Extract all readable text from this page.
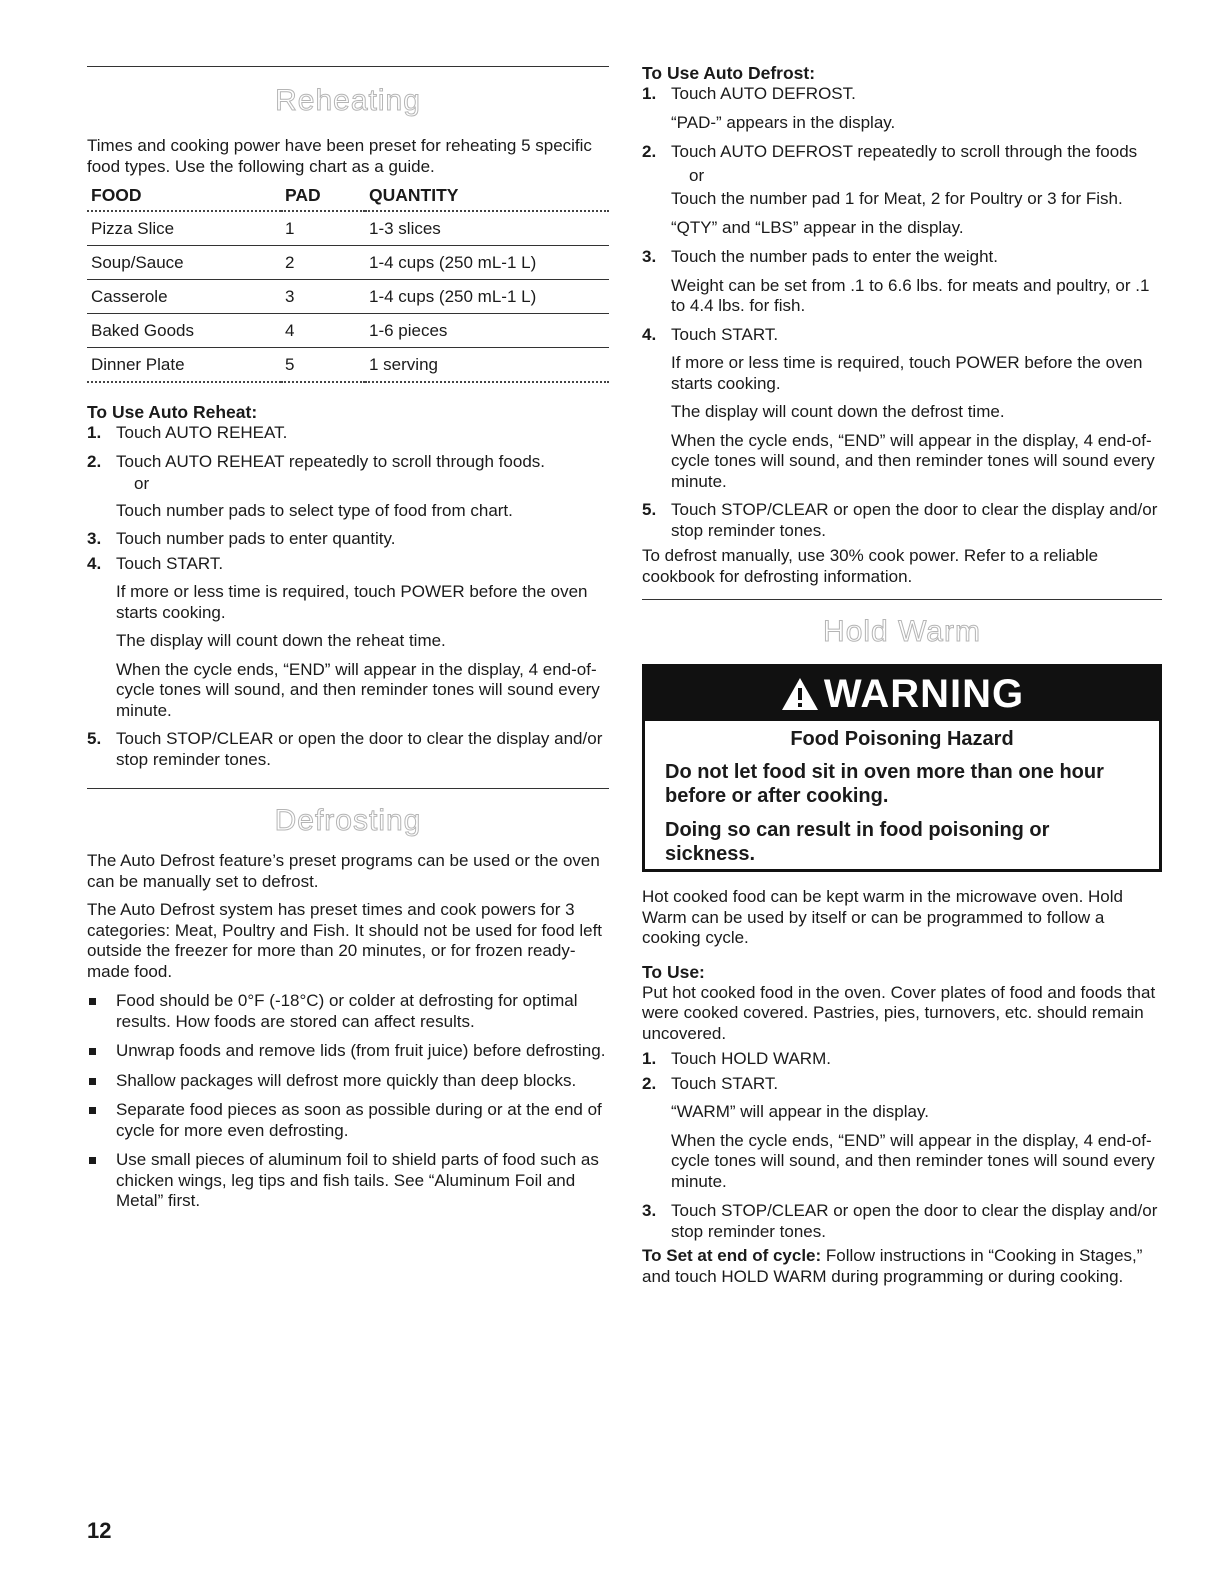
Reheating

Times and cooking power have been preset for reheating 5 specific food types. Use the following chart as a guide.

FOOD	PAD	QUANTITY
Pizza Slice	1	1-3 slices
Soup/Sauce	2	1-4 cups (250 mL-1 L)
Casserole	3	1-4 cups (250 mL-1 L)
Baked Goods	4	1-6 pieces
Dinner Plate	5	1 serving
To Use Auto Reheat:
1. Touch AUTO REHEAT.
2. Touch AUTO REHEAT repeatedly to scroll through foods.
or
Touch number pads to select type of food from chart.
3. Touch number pads to enter quantity.
4. Touch START.
If more or less time is required, touch POWER before the oven starts cooking.
The display will count down the reheat time.
When the cycle ends, “END” will appear in the display, 4 end-of-cycle tones will sound, and then reminder tones will sound every minute.
5. Touch STOP/CLEAR or open the door to clear the display and/or stop reminder tones.
Defrosting

The Auto Defrost feature’s preset programs can be used or the oven can be manually set to defrost.

The Auto Defrost system has preset times and cook powers for 3 categories: Meat, Poultry and Fish. It should not be used for food left outside the freezer for more than 20 minutes, or for frozen ready-made food.

Food should be 0°F (-18°C) or colder at defrosting for optimal results. How foods are stored can affect results.
Unwrap foods and remove lids (from fruit juice) before defrosting.
Shallow packages will defrost more quickly than deep blocks.
Separate food pieces as soon as possible during or at the end of cycle for more even defrosting.
Use small pieces of aluminum foil to shield parts of food such as chicken wings, leg tips and fish tails. See “Aluminum Foil and Metal” first.
To Use Auto Defrost:
1. Touch AUTO DEFROST.
“PAD-” appears in the display.
2. Touch AUTO DEFROST repeatedly to scroll through the foods
or
Touch the number pad 1 for Meat, 2 for Poultry or 3 for Fish.
“QTY” and “LBS” appear in the display.
3. Touch the number pads to enter the weight.
Weight can be set from .1 to 6.6 lbs. for meats and poultry, or .1 to 4.4 lbs. for fish.
4. Touch START.
If more or less time is required, touch POWER before the oven starts cooking.
The display will count down the defrost time.
When the cycle ends, “END” will appear in the display, 4 end-of-cycle tones will sound, and then reminder tones will sound every minute.
5. Touch STOP/CLEAR or open the door to clear the display and/or stop reminder tones.

To defrost manually, use 30% cook power. Refer to a reliable cookbook for defrosting information.

Hold Warm
WARNING

Food Poisoning Hazard

Do not let food sit in oven more than one hour before or after cooking.

Doing so can result in food poisoning or sickness.

Hot cooked food can be kept warm in the microwave oven. Hold Warm can be used by itself or can be programmed to follow a cooking cycle.

To Use:

Put hot cooked food in the oven. Cover plates of food and foods that were cooked covered. Pastries, pies, turnovers, etc. should remain uncovered.

1. Touch HOLD WARM.
2. Touch START.
“WARM” will appear in the display.
When the cycle ends, “END” will appear in the display, 4 end-of-cycle tones will sound, and then reminder tones will sound every minute.
3. Touch STOP/CLEAR or open the door to clear the display and/or stop reminder tones.

To Set at end of cycle: Follow instructions in “Cooking in Stages,” and touch HOLD WARM during programming or during cooking.

12
